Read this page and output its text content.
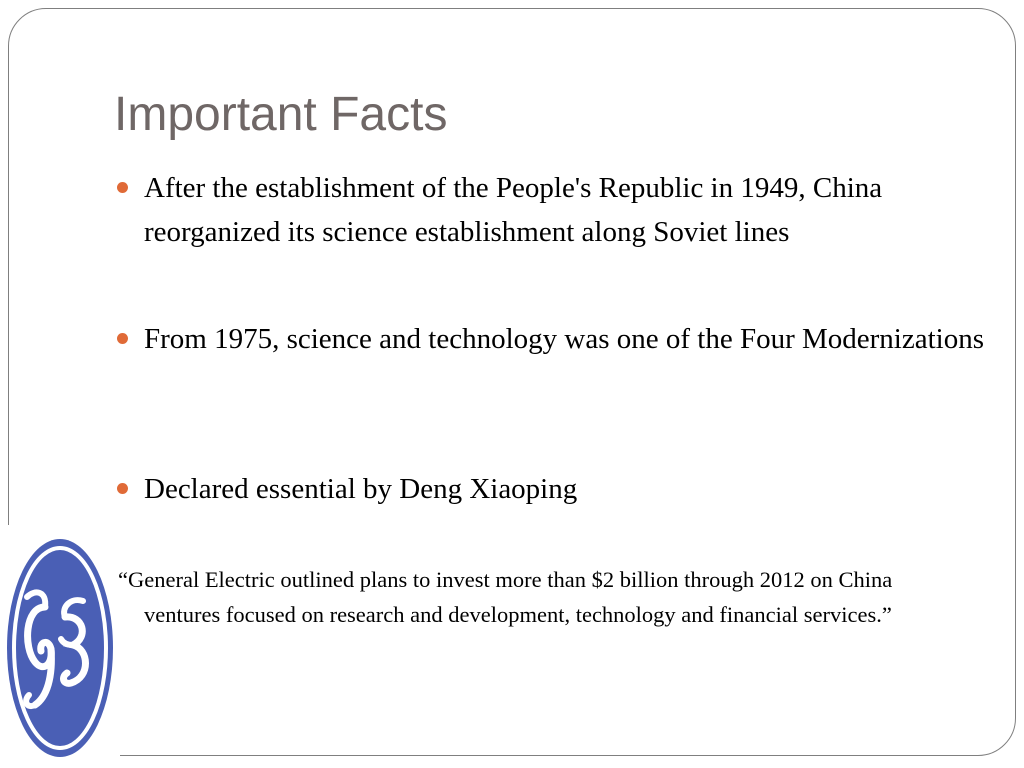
Important Facts
After the establishment of the People's Republic in 1949, China reorganized its science establishment along Soviet lines
From 1975, science and technology was one of the Four Modernizations
Declared essential by Deng Xiaoping
“General Electric outlined plans to invest more than $2 billion through 2012 on China ventures focused on research and development, technology and financial services.”
